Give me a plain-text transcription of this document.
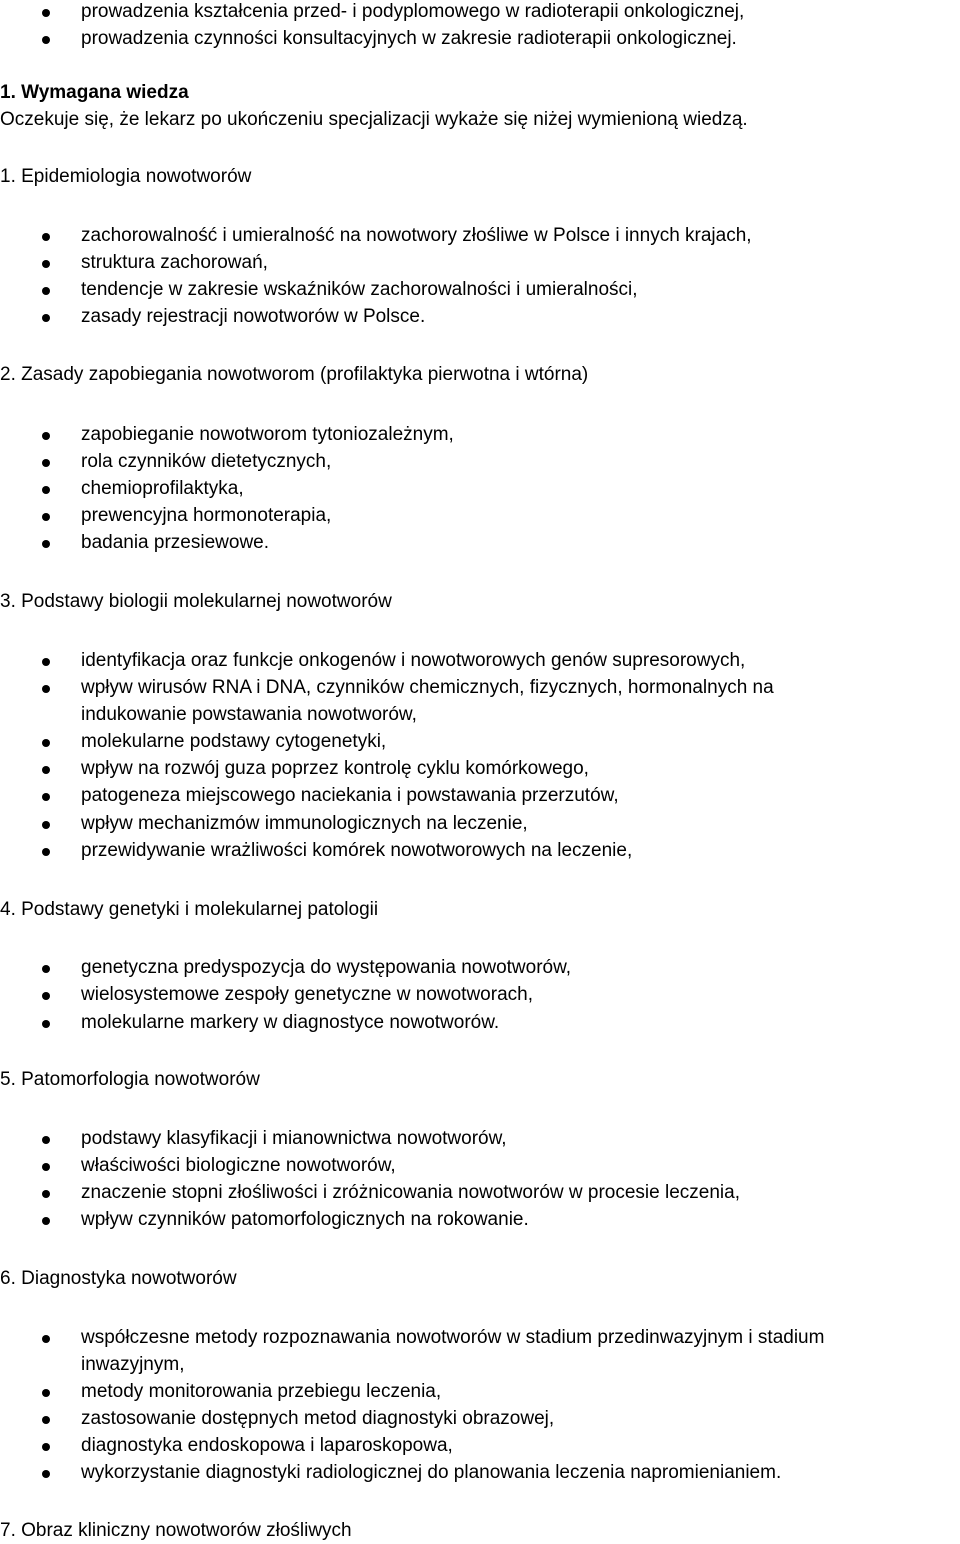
prowadzenia kształcenia przed- i podyplomowego w radioterapii onkologicznej,
prowadzenia czynności konsultacyjnych w zakresie radioterapii onkologicznej.
1. Wymagana wiedza
Oczekuje się, że lekarz po ukończeniu specjalizacji wykaże się niżej wymienioną wiedzą.
1. Epidemiologia nowotworów
zachorowalność i umieralność na nowotwory złośliwe w Polsce i innych krajach,
struktura zachorowań,
tendencje w zakresie wskaźników zachorowalności i umieralności,
zasady rejestracji nowotworów w Polsce.
2. Zasady zapobiegania nowotworom (profilaktyka pierwotna i wtórna)
zapobieganie nowotworom tytoniozależnym,
rola czynników dietetycznych,
chemioprofilaktyka,
prewencyjna hormonoterapia,
badania przesiewowe.
3. Podstawy biologii molekularnej nowotworów
identyfikacja oraz funkcje onkogenów i nowotworowych genów supresorowych,
wpływ wirusów RNA i DNA, czynników chemicznych, fizycznych, hormonalnych na
indukowanie powstawania nowotworów,
molekularne podstawy cytogenetyki,
wpływ na rozwój guza poprzez kontrolę cyklu komórkowego,
patogeneza miejscowego naciekania i powstawania przerzutów,
wpływ mechanizmów immunologicznych na leczenie,
przewidywanie wrażliwości komórek nowotworowych na leczenie,
4. Podstawy genetyki i molekularnej patologii
genetyczna predyspozycja do występowania nowotworów,
wielosystemowe zespoły genetyczne w nowotworach,
molekularne markery w diagnostyce nowotworów.
5. Patomorfologia nowotworów
podstawy klasyfikacji i mianownictwa nowotworów,
właściwości biologiczne nowotworów,
znaczenie stopni złośliwości i zróżnicowania nowotworów w procesie leczenia,
wpływ czynników patomorfologicznych na rokowanie.
6. Diagnostyka nowotworów
współczesne metody rozpoznawania nowotworów w stadium przedinwazyjnym i stadium
inwazyjnym,
metody monitorowania przebiegu leczenia,
zastosowanie dostępnych metod diagnostyki obrazowej,
diagnostyka endoskopowa i laparoskopowa,
wykorzystanie diagnostyki radiologicznej do planowania leczenia napromienianiem.
7. Obraz kliniczny nowotworów złośliwych
